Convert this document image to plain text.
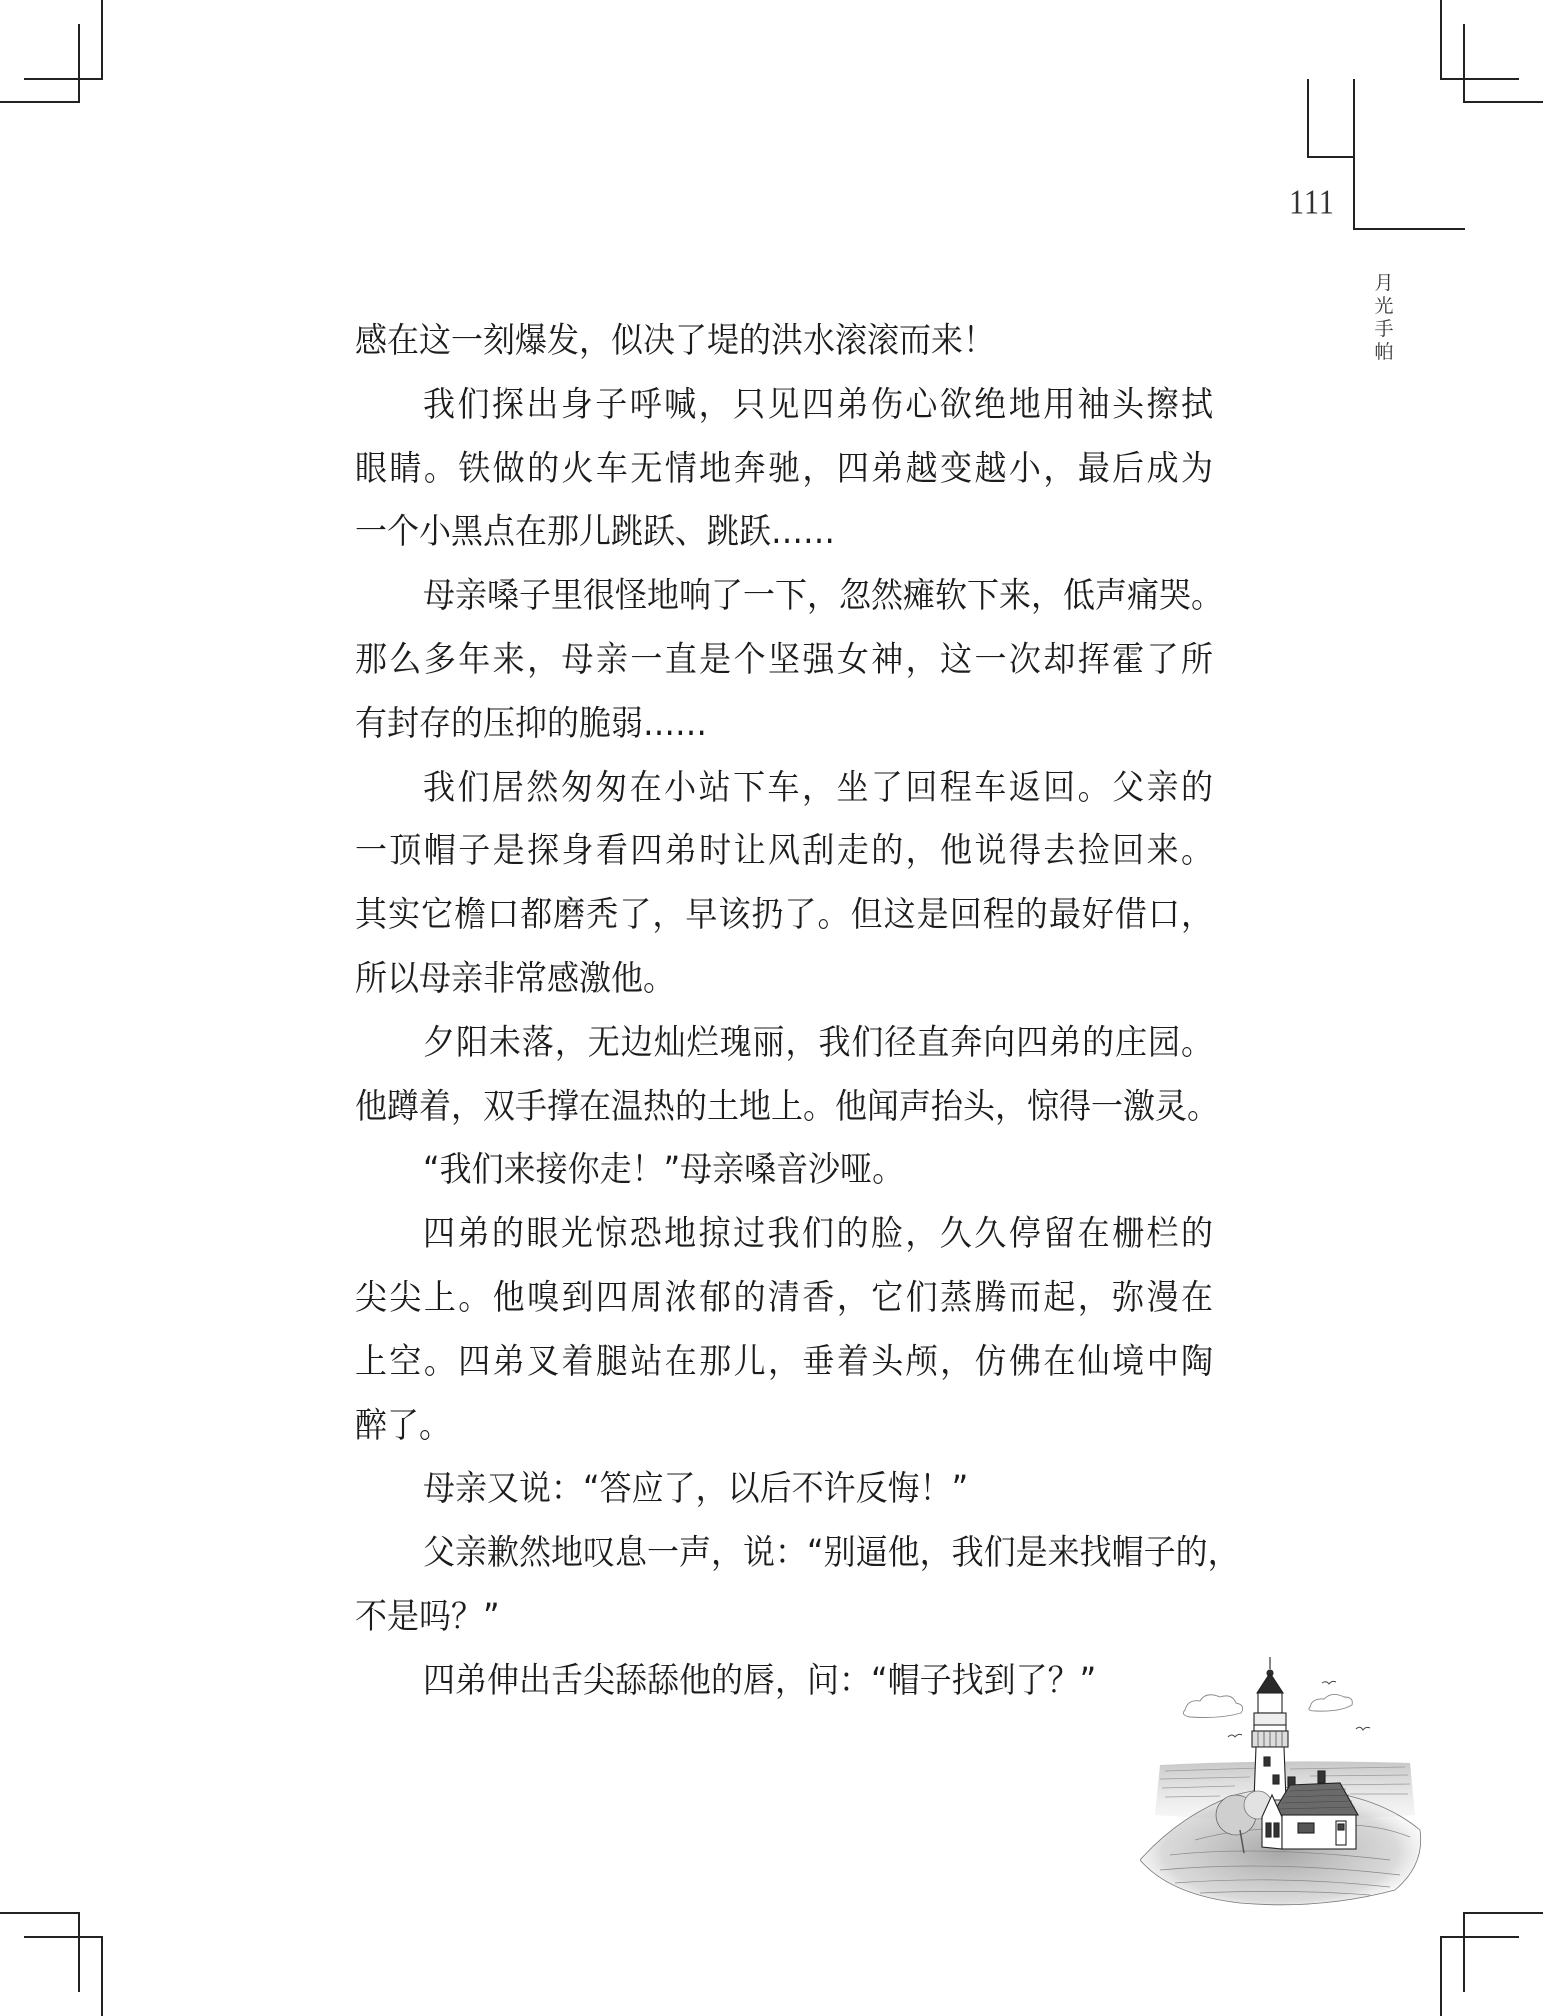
111
月
光
手
帕
感在这一刻爆发，似决了堤的洪水滚滚而来！
我们探出身子呼喊，只见四弟伤心欲绝地用袖头擦拭
眼睛。铁做的火车无情地奔驰，四弟越变越小，最后成为
一个小黑点在那儿跳跃、跳跃……
母亲嗓子里很怪地响了一下，忽然瘫软下来，低声痛哭。
那么多年来，母亲一直是个坚强女神，这一次却挥霍了所
有封存的压抑的脆弱……
我们居然匆匆在小站下车，坐了回程车返回。父亲的
一顶帽子是探身看四弟时让风刮走的，他说得去捡回来。
其实它檐口都磨秃了，早该扔了。但这是回程的最好借口，
所以母亲非常感激他。
夕阳未落，无边灿烂瑰丽，我们径直奔向四弟的庄园。
他蹲着，双手撑在温热的土地上。他闻声抬头，惊得一激灵。
“我们来接你走！”母亲嗓音沙哑。
四弟的眼光惊恐地掠过我们的脸，久久停留在栅栏的
尖尖上。他嗅到四周浓郁的清香，它们蒸腾而起，弥漫在
上空。四弟叉着腿站在那儿，垂着头颅，仿佛在仙境中陶
醉了。
母亲又说：“答应了，以后不许反悔！”
父亲歉然地叹息一声，说：“别逼他，我们是来找帽子的，
不是吗？”
四弟伸出舌尖舔舔他的唇，问：“帽子找到了？”
